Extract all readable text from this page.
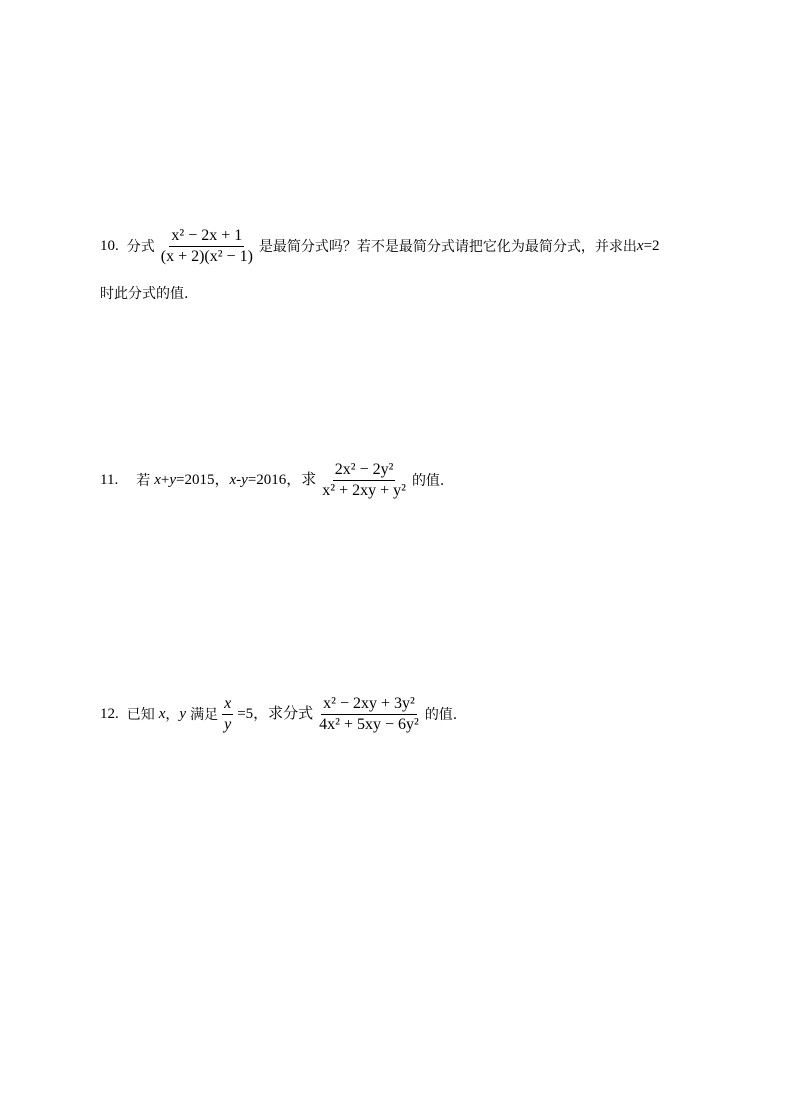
10. 分式 $\frac{\text{x² − 2x + 1}}{\text{(x + 2)(x² − 1)}}$ 是最简分式吗？若不是最简分式请把它化为最简分式，并求出 x =2
时此分式的值.
11. 若 x + y =2015， x - y =2016，求 $\frac{\text{2x² − 2y²}}{\text{x² + 2xy + y²}}$ 的值.
12. 已知 x ， y 满足 $\frac{x}{y} =5$，求分式 $\frac{\text{x² − 2xy + 3y²}}{\text{4x² + 5xy − 6y²}}$ 的值.
